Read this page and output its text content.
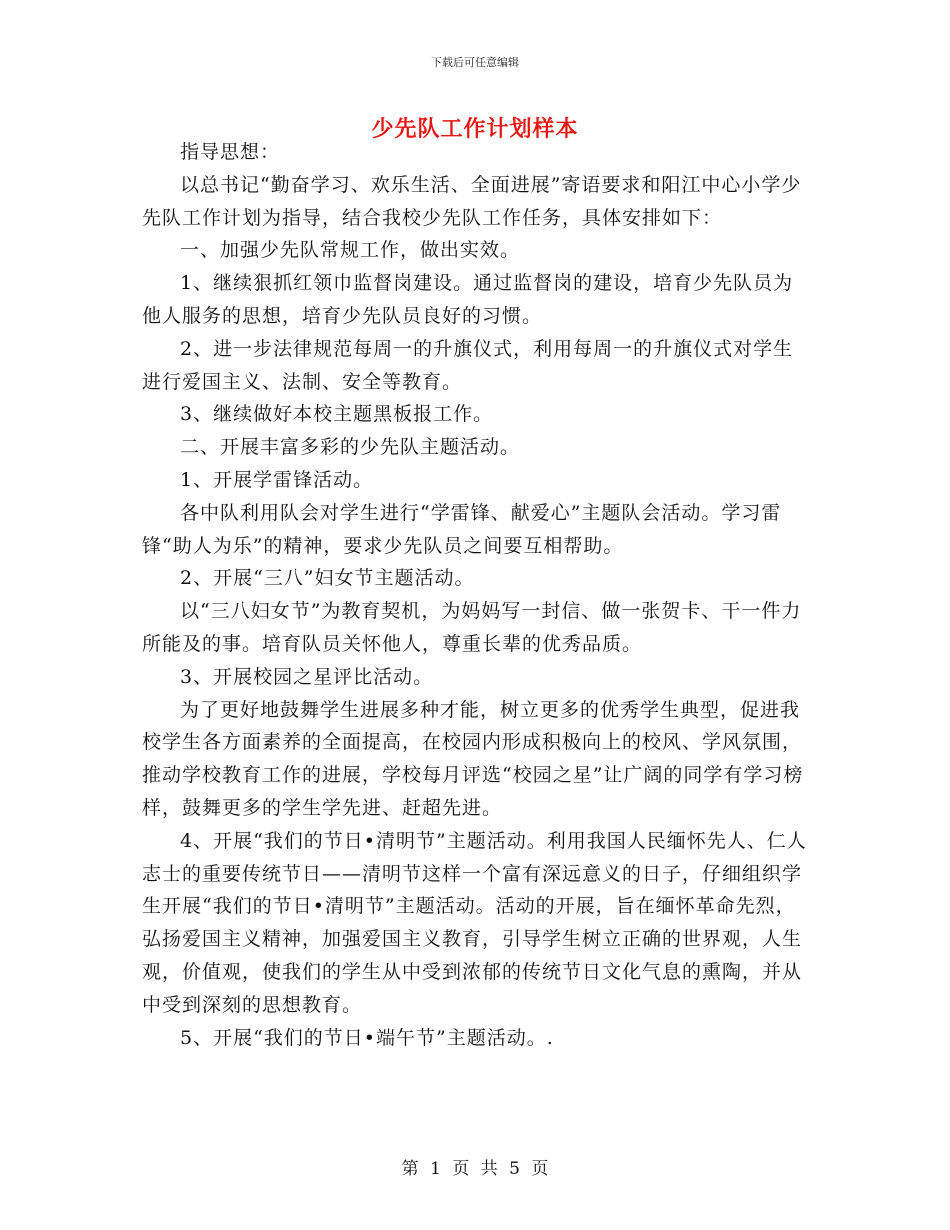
下载后可任意编辑
少先队工作计划样本

指导思想：

以总书记“勤奋学习、欢乐生活、全面进展”寄语要求和阳江中心小学少先队工作计划为指导，结合我校少先队工作任务，具体安排如下：

一、加强少先队常规工作，做出实效。

1、继续狠抓红领巾监督岗建设。通过监督岗的建设，培育少先队员为他人服务的思想，培育少先队员良好的习惯。

2、进一步法律规范每周一的升旗仪式，利用每周一的升旗仪式对学生进行爱国主义、法制、安全等教育。

3、继续做好本校主题黑板报工作。

二、开展丰富多彩的少先队主题活动。

1、开展学雷锋活动。

各中队利用队会对学生进行“学雷锋、献爱心”主题队会活动。学习雷锋“助人为乐”的精神，要求少先队员之间要互相帮助。

2、开展“三八”妇女节主题活动。

以“三八妇女节”为教育契机，为妈妈写一封信、做一张贺卡、干一件力所能及的事。培育队员关怀他人，尊重长辈的优秀品质。

3、开展校园之星评比活动。

为了更好地鼓舞学生进展多种才能，树立更多的优秀学生典型，促进我校学生各方面素养的全面提高，在校园内形成积极向上的校风、学风氛围，推动学校教育工作的进展，学校每月评选“校园之星”让广阔的同学有学习榜样，鼓舞更多的学生学先进、赶超先进。

4、开展“我们的节日•清明节”主题活动。利用我国人民缅怀先人、仁人志士的重要传统节日——清明节这样一个富有深远意义的日子，仔细组织学生开展“我们的节日•清明节”主题活动。活动的开展，旨在缅怀革命先烈，弘扬爱国主义精神，加强爱国主义教育，引导学生树立正确的世界观，人生观，价值观，使我们的学生从中受到浓郁的传统节日文化气息的熏陶，并从中受到深刻的思想教育。

5、开展“我们的节日•端午节”主题活动。.

第 1 页 共 5 页
